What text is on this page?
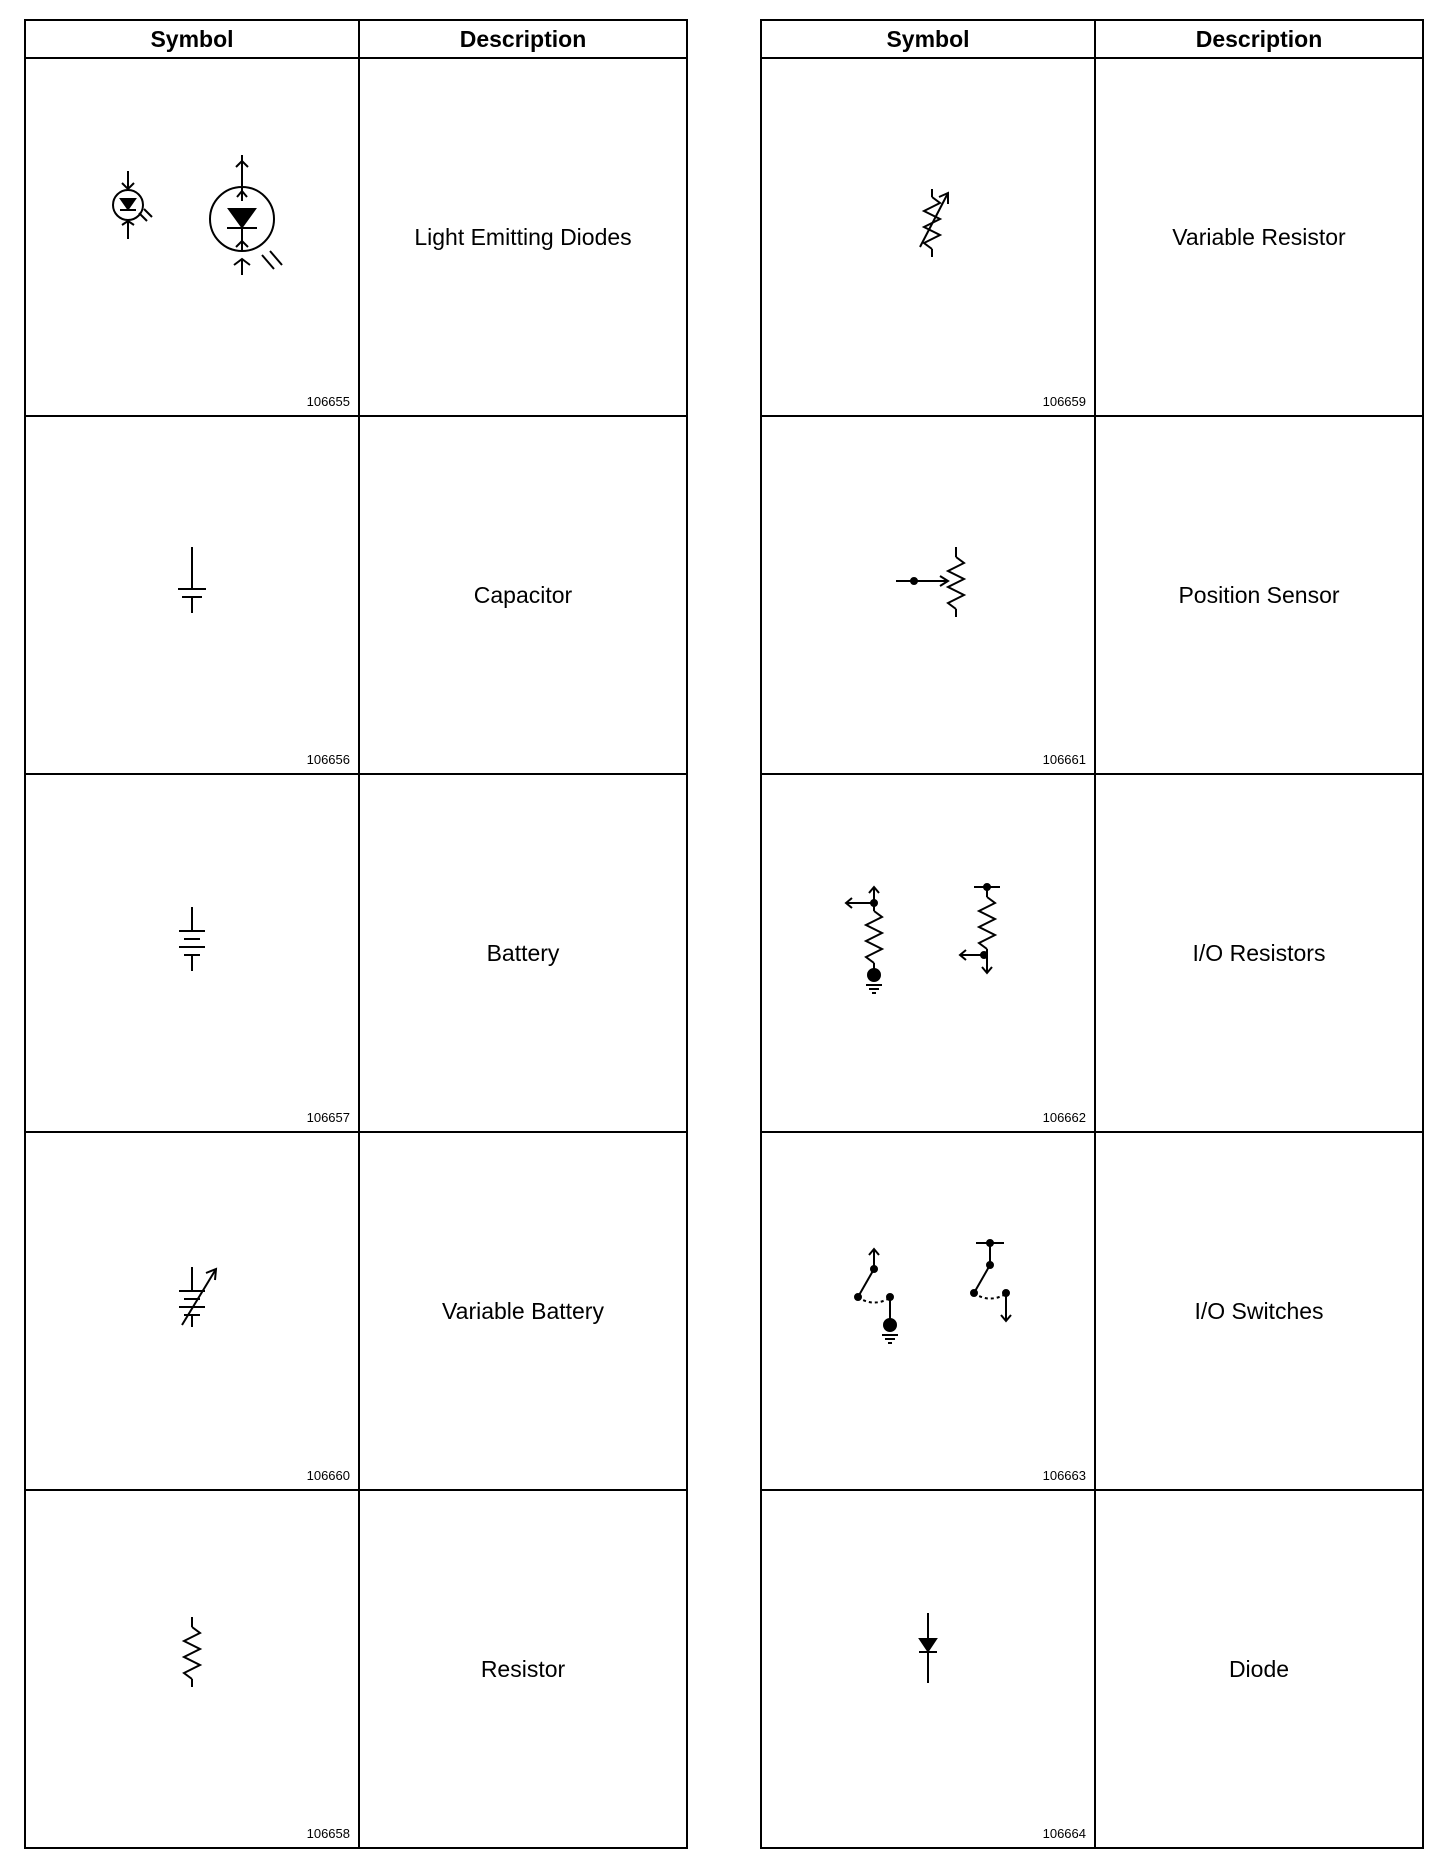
Symbol	Description

106655	Light Emitting Diodes

106656	Capacitor

106657	Battery

106660	Variable Battery

106658	Resistor
Symbol	Description

106659	Variable Resistor

106661	Position Sensor

106662	I/O Resistors

106663	I/O Switches

106664	Diode
